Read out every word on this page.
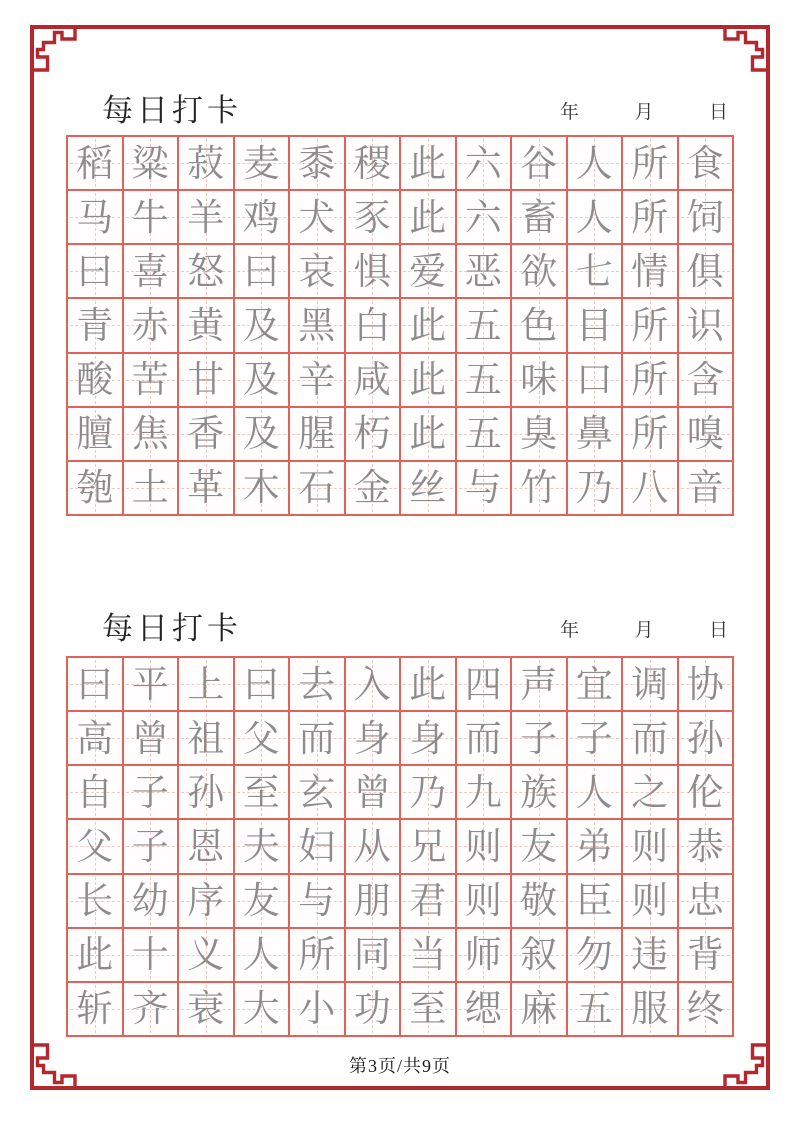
每日打卡	年	月	日
稻 粱 菽 麦 黍 稷 此 六 谷 人 所 食
马 牛 羊 鸡 犬 豕 此 六 畜 人 所 饲
曰 喜 怒 曰 哀 惧 爱 恶 欲 七 情 俱
青 赤 黄 及 黑 白 此 五 色 目 所 识
酸 苦 甘 及 辛 咸 此 五 味 口 所 含
膻 焦 香 及 腥 朽 此 五 臭 鼻 所 嗅
匏 土 革 木 石 金 丝 与 竹 乃 八 音
每日打卡	年	月	日
曰 平 上 曰 去 入 此 四 声 宜 调 协
高 曾 祖 父 而 身 身 而 子 子 而 孙
自 子 孙 至 玄 曾 乃 九 族 人 之 伦
父 子 恩 夫 妇 从 兄 则 友 弟 则 恭
长 幼 序 友 与 朋 君 则 敬 臣 则 忠
此 十 义 人 所 同 当 师 叙 勿 违 背
斩 齐 衰 大 小 功 至 缌 麻 五 服 终
第3页/共9页
